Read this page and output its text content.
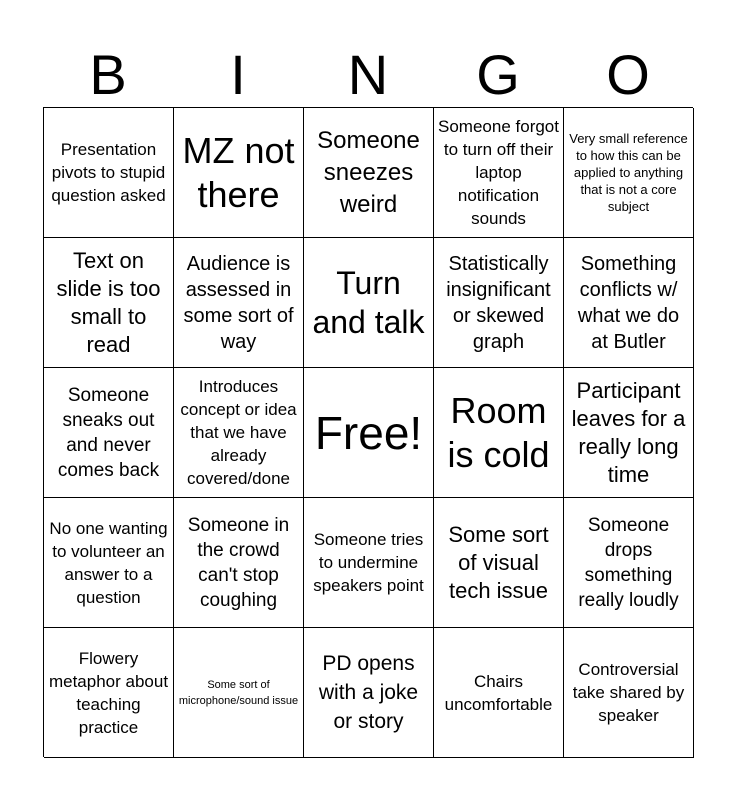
B	I	N	G	O
Presentation pivots to stupid question asked
MZ not there
Someone sneezes weird
Someone forgot to turn off their laptop notification sounds
Very small reference to how this can be applied to anything that is not a core subject
Text on slide is too small to read
Audience is assessed in some sort of way
Turn and talk
Statistically insignificant or skewed graph
Something conflicts w/ what we do at Butler
Someone sneaks out and never comes back
Introduces concept or idea that we have already covered/done
Free! Room is cold
Participant leaves for a really long time
No one wanting to volunteer an answer to a question
Someone in the crowd can't stop coughing
Someone tries to undermine speakers point
Some sort of visual tech issue
Someone drops something really loudly
Flowery metaphor about teaching practice
Some sort of microphone/sound issue
PD opens with a joke or story
Chairs uncomfortable
Controversial take shared by speaker
